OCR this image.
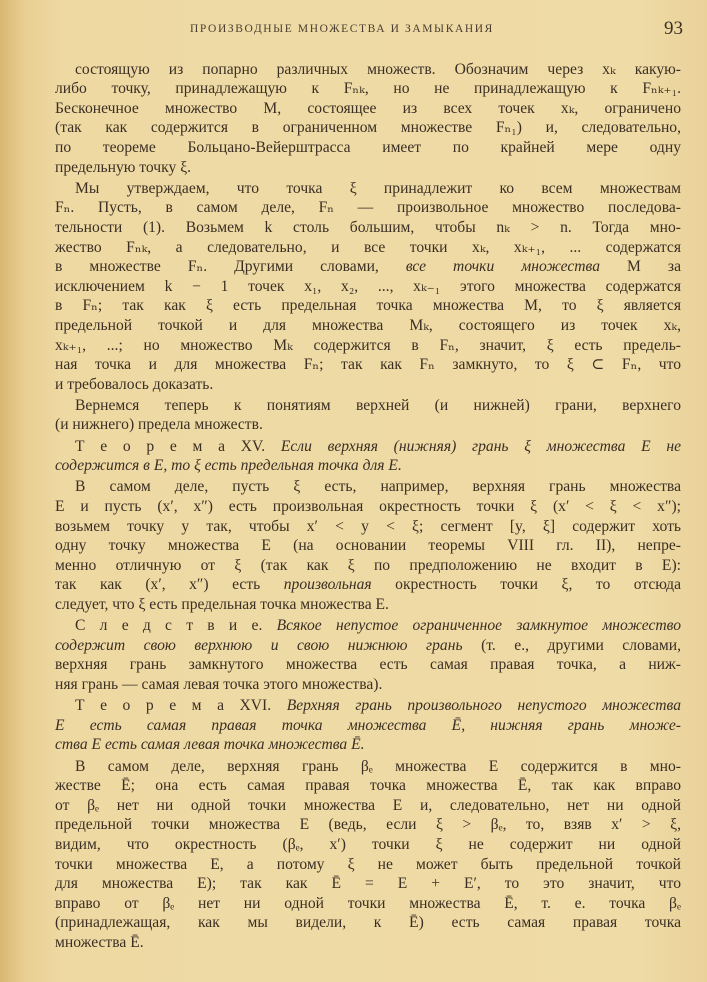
ПРОИЗВОДНЫЕ МНОЖЕСТВА И ЗАМЫКАНИЯ	93
состоящую из попарно различных множеств. Обозначим через xₖ какую-
либо точку, принадлежащую к Fₙₖ, но не принадлежащую к Fₙₖ₊₁.
Бесконечное множество M, состоящее из всех точек xₖ, ограничено
(так как содержится в ограниченном множестве Fₙ₁) и, следовательно,
по теореме Больцано-Вейерштрасса имеет по крайней мере одну
предельную точку ξ.
Мы утверждаем, что точка ξ принадлежит ко всем множествам
Fₙ. Пусть, в самом деле, Fₙ — произвольное множество последова-
тельности (1). Возьмем k столь большим, чтобы nₖ > n. Тогда мно-
жество Fₙₖ, а следовательно, и все точки xₖ, xₖ₊₁, ... содержатся
в множестве Fₙ. Другими словами, все точки множества M за
исключением k − 1 точек x₁, x₂, ..., xₖ₋₁ этого множества содержатся
в Fₙ; так как ξ есть предельная точка множества M, то ξ является
предельной точкой и для множества Mₖ, состоящего из точек xₖ,
xₖ₊₁, ...; но множество Mₖ содержится в Fₙ, значит, ξ есть предель-
ная точка и для множества Fₙ; так как Fₙ замкнуто, то ξ ⊂ Fₙ, что
и требовалось доказать.
Вернемся теперь к понятиям верхней (и нижней) грани, верхнего
(и нижнего) предела множеств.
Т е о р е м а XV. Если верхняя (нижняя) грань ξ множества E не
содержится в E, то ξ есть предельная точка для E.
В самом деле, пусть ξ есть, например, верхняя грань множества
E и пусть (x′, x″) есть произвольная окрестность точки ξ (x′ < ξ < x″);
возьмем точку y так, чтобы x′ < y < ξ; сегмент [y, ξ] содержит хоть
одну точку множества E (на основании теоремы VIII гл. II), непре-
менно отличную от ξ (так как ξ по предположению не входит в E):
так как (x′, x″) есть произвольная окрестность точки ξ, то отсюда
следует, что ξ есть предельная точка множества E.
С л е д с т в и е. Всякое непустое ограниченное замкнутое множество
содержит свою верхнюю и свою нижнюю грань (т. е., другими словами,
верхняя грань замкнутого множества есть самая правая точка, а ниж-
няя грань — самая левая точка этого множества).
Т е о р е м а XVI. Верхняя грань произвольного непустого множества
E есть самая правая точка множества Ē, нижняя грань множе-
ства E есть самая левая точка множества Ē.
В самом деле, верхняя грань βₑ множества E содержится в мно-
жестве Ē; она есть самая правая точка множества Ē, так как вправо
от βₑ нет ни одной точки множества E и, следовательно, нет ни одной
предельной точки множества E (ведь, если ξ > βₑ, то, взяв x′ > ξ,
видим, что окрестность (βₑ, x′) точки ξ не содержит ни одной
точки множества E, а потому ξ не может быть предельной точкой
для множества E); так как Ē = E + E′, то это значит, что
вправо от βₑ нет ни одной точки множества Ē, т. е. точка βₑ
(принадлежащая, как мы видели, к Ē) есть самая правая точка
множества Ē.
